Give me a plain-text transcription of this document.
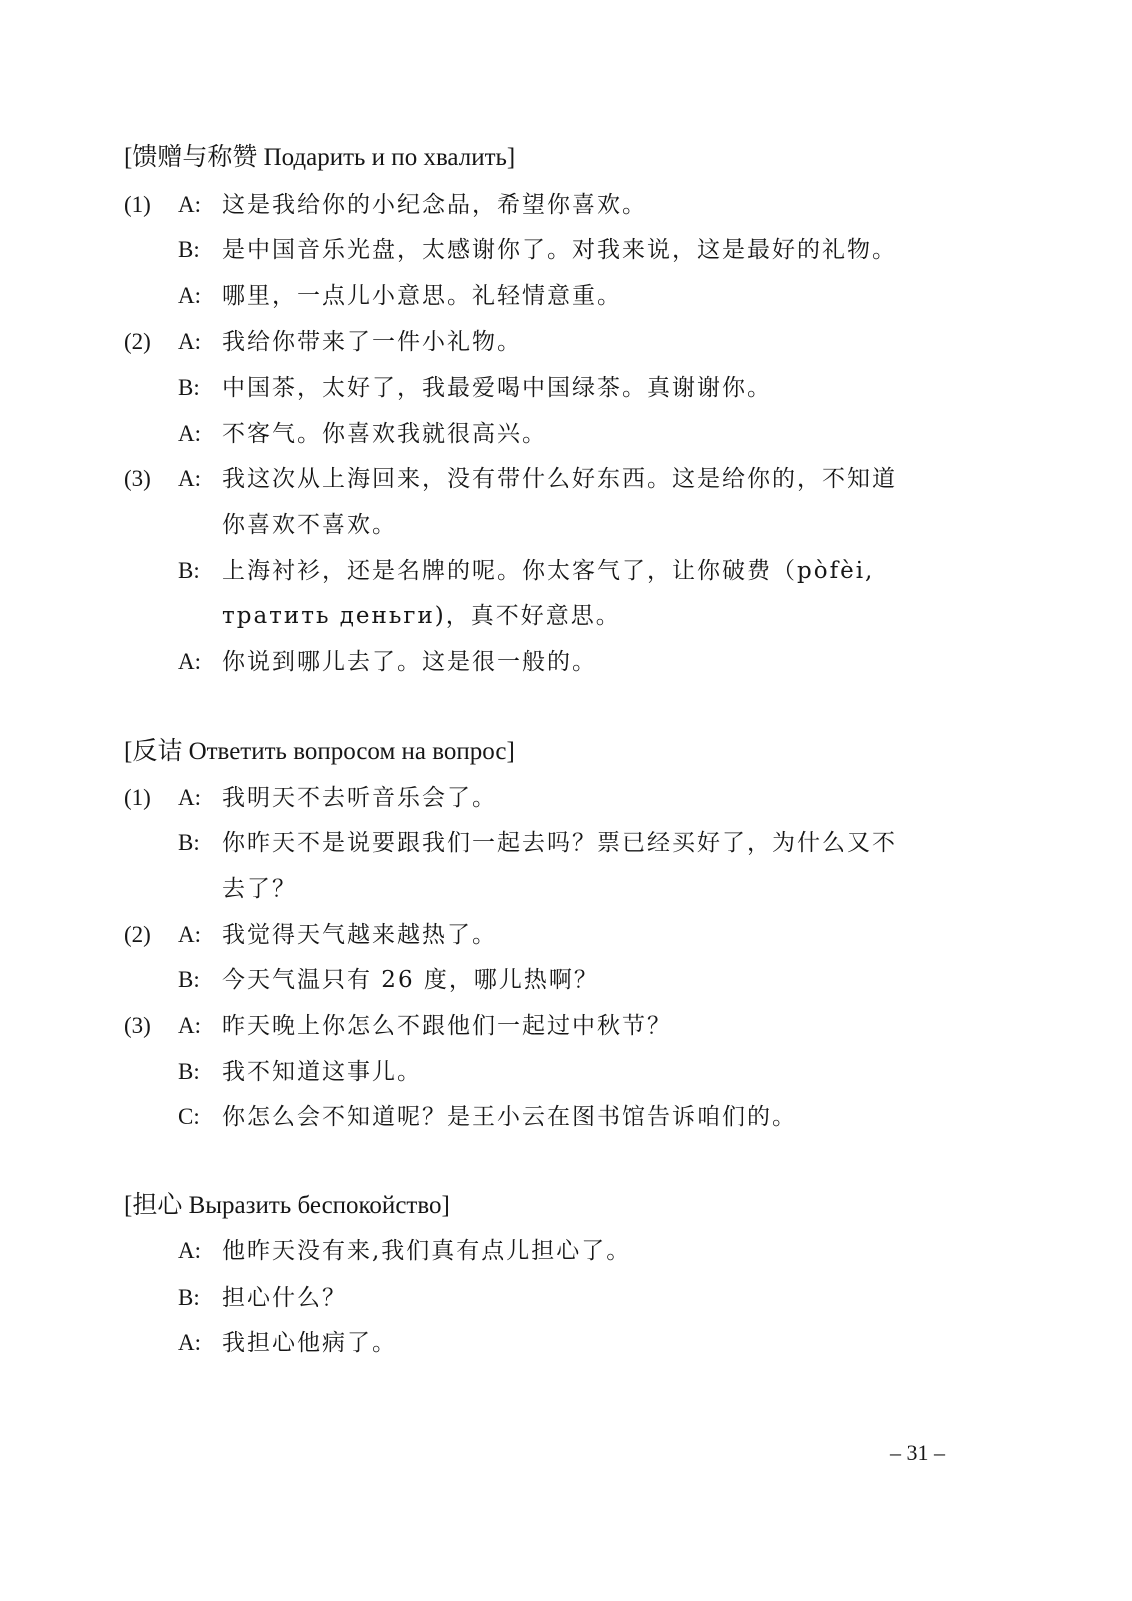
[馈赠与称赞 Подарить и по хвалить]
(1) A: 这是我给你的小纪念品，希望你喜欢。
B: 是中国音乐光盘，太感谢你了。对我来说，这是最好的礼物。
A: 哪里，一点儿小意思。礼轻情意重。
(2) A: 我给你带来了一件小礼物。
B: 中国茶，太好了，我最爱喝中国绿茶。真谢谢你。
A: 不客气。你喜欢我就很高兴。
(3) A: 我这次从上海回来，没有带什么好东西。这是给你的，不知道
你喜欢不喜欢。
B: 上海衬衫，还是名牌的呢。你太客气了，让你破费（pòfèi,
тратить деньги)，真不好意思。
A: 你说到哪儿去了。这是很一般的。
[反诘 Ответить вопросом на вопрос]
(1) A: 我明天不去听音乐会了。
B: 你昨天不是说要跟我们一起去吗？票已经买好了，为什么又不
去了？
(2) A: 我觉得天气越来越热了。
B: 今天气温只有 26 度，哪儿热啊？
(3) A: 昨天晚上你怎么不跟他们一起过中秋节？
B: 我不知道这事儿。
C: 你怎么会不知道呢？是王小云在图书馆告诉咱们的。
[担心 Выразить беспокойство]
A: 他昨天没有来,我们真有点儿担心了。
B: 担心什么？
A: 我担心他病了。
– 31 –
